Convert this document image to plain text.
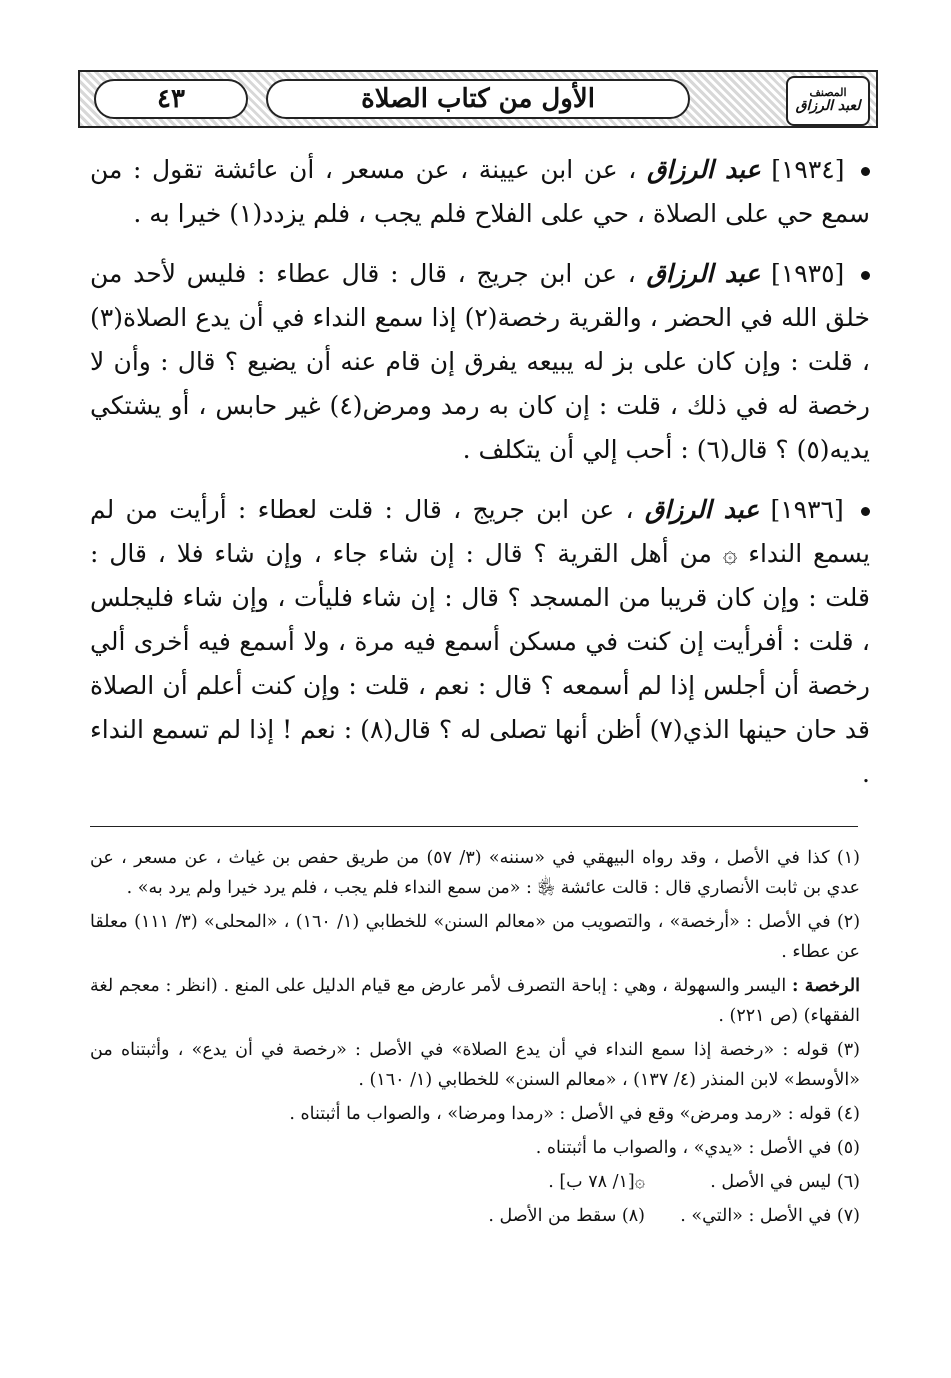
المصنف
لعبد الرزاق
الأول من كتاب الصلاة
٤٣

[١٩٣٤] عبد الرزاق ، عن ابن عيينة ، عن مسعر ، أن عائشة تقول : من سمع حي على الصلاة ، حي على الفلاح فلم يجب ، فلم يزدد(١) خيرا به .

[١٩٣٥] عبد الرزاق ، عن ابن جريج ، قال : قال عطاء : فليس لأحد من خلق الله في الحضر ، والقرية رخصة(٢) إذا سمع النداء في أن يدع الصلاة(٣) ، قلت : وإن كان على بز له يبيعه يفرق إن قام عنه أن يضيع ؟ قال : وأن لا رخصة له في ذلك ، قلت : إن كان به رمد ومرض(٤) غير حابس ، أو يشتكي يديه(٥) ؟ قال(٦) : أحب إلي أن يتكلف .

[١٩٣٦] عبد الرزاق ، عن ابن جريج ، قال : قلت لعطاء : أرأيت من لم يسمع النداء ۞ من أهل القرية ؟ قال : إن شاء جاء ، وإن شاء فلا ، قال : قلت : وإن كان قريبا من المسجد ؟ قال : إن شاء فليأت ، وإن شاء فليجلس ، قلت : أفرأيت إن كنت في مسكن أسمع فيه مرة ، ولا أسمع فيه أخرى ألي رخصة أن أجلس إذا لم أسمعه ؟ قال : نعم ، قلت : وإن كنت أعلم أن الصلاة قد حان حينها الذي(٧) أظن أنها تصلى له ؟ قال(٨) : نعم ! إذا لم تسمع النداء .

(١) كذا في الأصل ، وقد رواه البيهقي في «سننه» (٣/ ٥٧) من طريق حفص بن غياث ، عن مسعر ، عن عدي بن ثابت الأنصاري قال : قالت عائشة ﵂ : «من سمع النداء فلم يجب ، فلم يرد خيرا ولم يرد به» .

(٢) في الأصل : «أرخصة» ، والتصويب من «معالم السنن» للخطابي (١/ ١٦٠) ، «المحلى» (٣/ ١١١) معلقا عن عطاء .

الرخصة : اليسر والسهولة ، وهي : إباحة التصرف لأمر عارض مع قيام الدليل على المنع . (انظر : معجم لغة الفقهاء) (ص ٢٢١) .

(٣) قوله : «رخصة إذا سمع النداء في أن يدع الصلاة» في الأصل : «رخصة في أن يدع» ، وأثبتناه من «الأوسط» لابن المنذر (٤/ ١٣٧) ، «معالم السنن» للخطابي (١/ ١٦٠) .

(٤) قوله : «رمد ومرض» وقع في الأصل : «رمدا ومرضا» ، والصواب ما أثبتناه .

(٥) في الأصل : «يدي» ، والصواب ما أثبتناه .

(٦) ليس في الأصل .
۞[١/ ٧٨ ب] .
(٧) في الأصل : «التي» .
(٨) سقط من الأصل .
